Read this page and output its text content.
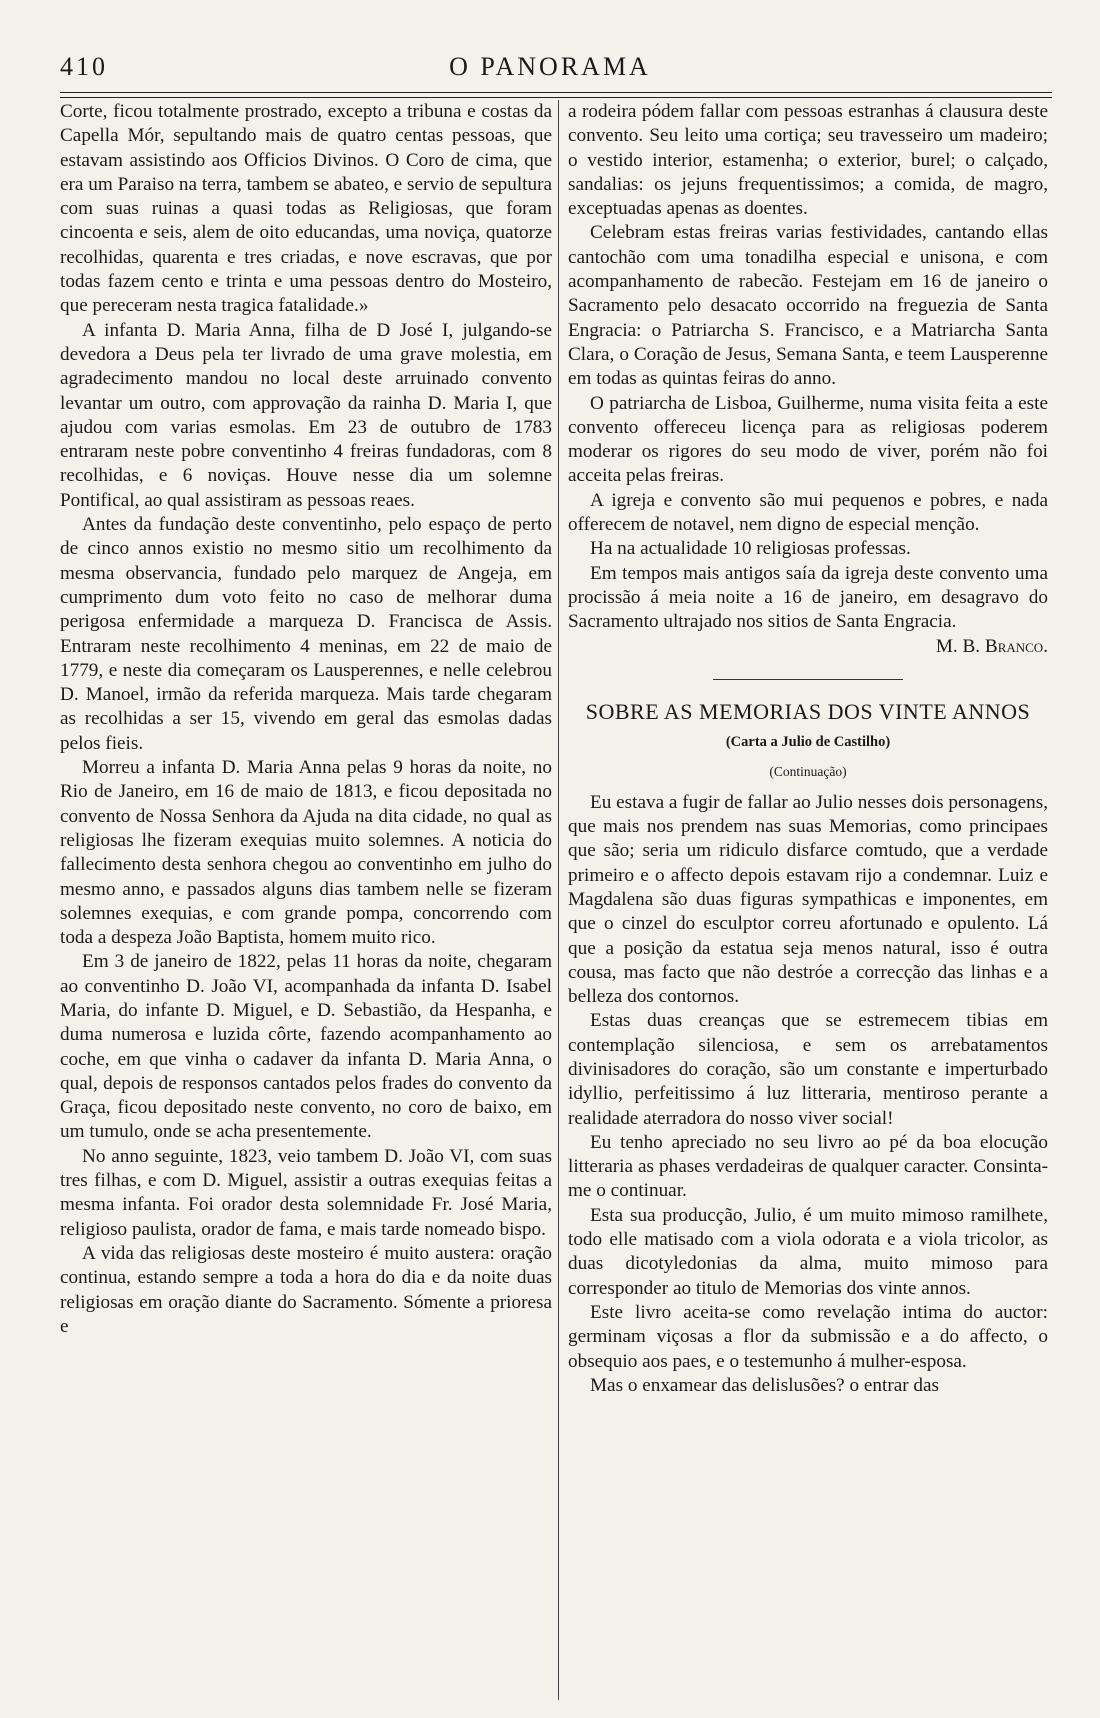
410	O PANORAMA

Corte, ficou totalmente prostrado, excepto a tribuna e costas da Capella Mór, sepultando mais de quatro centas pessoas, que estavam assistindo aos Officios Divinos. O Coro de cima, que era um Paraiso na terra, tambem se abateo, e servio de sepultura com suas ruinas a quasi todas as Religiosas, que foram cincoenta e seis, alem de oito educandas, uma noviça, quatorze recolhidas, quarenta e tres criadas, e nove escravas, que por todas fazem cento e trinta e uma pessoas dentro do Mosteiro, que pereceram nesta tragica fatalidade.»

A infanta D. Maria Anna, filha de D José I, julgando-se devedora a Deus pela ter livrado de uma grave molestia, em agradecimento mandou no local deste arruinado convento levantar um outro, com approvação da rainha D. Maria I, que ajudou com varias esmolas. Em 23 de outubro de 1783 entraram neste pobre conventinho 4 freiras fundadoras, com 8 recolhidas, e 6 noviças. Houve nesse dia um solemne Pontifical, ao qual assistiram as pessoas reaes.

Antes da fundação deste conventinho, pelo espaço de perto de cinco annos existio no mesmo sitio um recolhimento da mesma observancia, fundado pelo marquez de Angeja, em cumprimento dum voto feito no caso de melhorar duma perigosa enfermidade a marqueza D. Francisca de Assis. Entraram neste recolhimento 4 meninas, em 22 de maio de 1779, e neste dia começaram os Lausperennes, e nelle celebrou D. Manoel, irmão da referida marqueza. Mais tarde chegaram as recolhidas a ser 15, vivendo em geral das esmolas dadas pelos fieis.

Morreu a infanta D. Maria Anna pelas 9 horas da noite, no Rio de Janeiro, em 16 de maio de 1813, e ficou depositada no convento de Nossa Senhora da Ajuda na dita cidade, no qual as religiosas lhe fizeram exequias muito solemnes. A noticia do fallecimento desta senhora chegou ao conventinho em julho do mesmo anno, e passados alguns dias tambem nelle se fizeram solemnes exequias, e com grande pompa, concorrendo com toda a despeza João Baptista, homem muito rico.

Em 3 de janeiro de 1822, pelas 11 horas da noite, chegaram ao conventinho D. João VI, acompanhada da infanta D. Isabel Maria, do infante D. Miguel, e D. Sebastião, da Hespanha, e duma numerosa e luzida côrte, fazendo acompanhamento ao coche, em que vinha o cadaver da infanta D. Maria Anna, o qual, depois de responsos cantados pelos frades do convento da Graça, ficou depositado neste convento, no coro de baixo, em um tumulo, onde se acha presentemente.

No anno seguinte, 1823, veio tambem D. João VI, com suas tres filhas, e com D. Miguel, assistir a outras exequias feitas a mesma infanta. Foi orador desta solemnidade Fr. José Maria, religioso paulista, orador de fama, e mais tarde nomeado bispo.

A vida das religiosas deste mosteiro é muito austera: oração continua, estando sempre a toda a hora do dia e da noite duas religiosas em oração diante do Sacramento. Sómente a prioresa e

a rodeira pódem fallar com pessoas estranhas á clausura deste convento. Seu leito uma cortiça; seu travesseiro um madeiro; o vestido interior, estamenha; o exterior, burel; o calçado, sandalias: os jejuns frequentissimos; a comida, de magro, exceptuadas apenas as doentes.

Celebram estas freiras varias festividades, cantando ellas cantochão com uma tonadilha especial e unisona, e com acompanhamento de rabecão. Festejam em 16 de janeiro o Sacramento pelo desacato occorrido na freguezia de Santa Engracia: o Patriarcha S. Francisco, e a Matriarcha Santa Clara, o Coração de Jesus, Semana Santa, e teem Lausperenne em todas as quintas feiras do anno.

O patriarcha de Lisboa, Guilherme, numa visita feita a este convento offereceu licença para as religiosas poderem moderar os rigores do seu modo de viver, porém não foi acceita pelas freiras.

A igreja e convento são mui pequenos e pobres, e nada offerecem de notavel, nem digno de especial menção.

Ha na actualidade 10 religiosas professas.

Em tempos mais antigos saía da igreja deste convento uma procissão á meia noite a 16 de janeiro, em desagravo do Sacramento ultrajado nos sitios de Santa Engracia.

M. B. Branco.

SOBRE AS MEMORIAS DOS VINTE ANNOS
(Carta a Julio de Castilho)
(Continuação)

Eu estava a fugir de fallar ao Julio nesses dois personagens, que mais nos prendem nas suas Memorias, como principaes que são; seria um ridiculo disfarce comtudo, que a verdade primeiro e o affecto depois estavam rijo a condemnar. Luiz e Magdalena são duas figuras sympathicas e imponentes, em que o cinzel do esculptor correu afortunado e opulento. Lá que a posição da estatua seja menos natural, isso é outra cousa, mas facto que não destróe a correcção das linhas e a belleza dos contornos.

Estas duas creanças que se estremecem tibias em contemplação silenciosa, e sem os arrebatamentos divinisadores do coração, são um constante e imperturbado idyllio, perfeitissimo á luz litteraria, mentiroso perante a realidade aterradora do nosso viver social!

Eu tenho apreciado no seu livro ao pé da boa elocução litteraria as phases verdadeiras de qualquer caracter. Consinta-me o continuar.

Esta sua producção, Julio, é um muito mimoso ramilhete, todo elle matisado com a viola odorata e a viola tricolor, as duas dicotyledonias da alma, muito mimoso para corresponder ao titulo de Memorias dos vinte annos.

Este livro aceita-se como revelação intima do auctor: germinam viçosas a flor da submissão e a do affecto, o obsequio aos paes, e o testemunho á mulher-esposa.

Mas o enxamear das delislusões? o entrar das
